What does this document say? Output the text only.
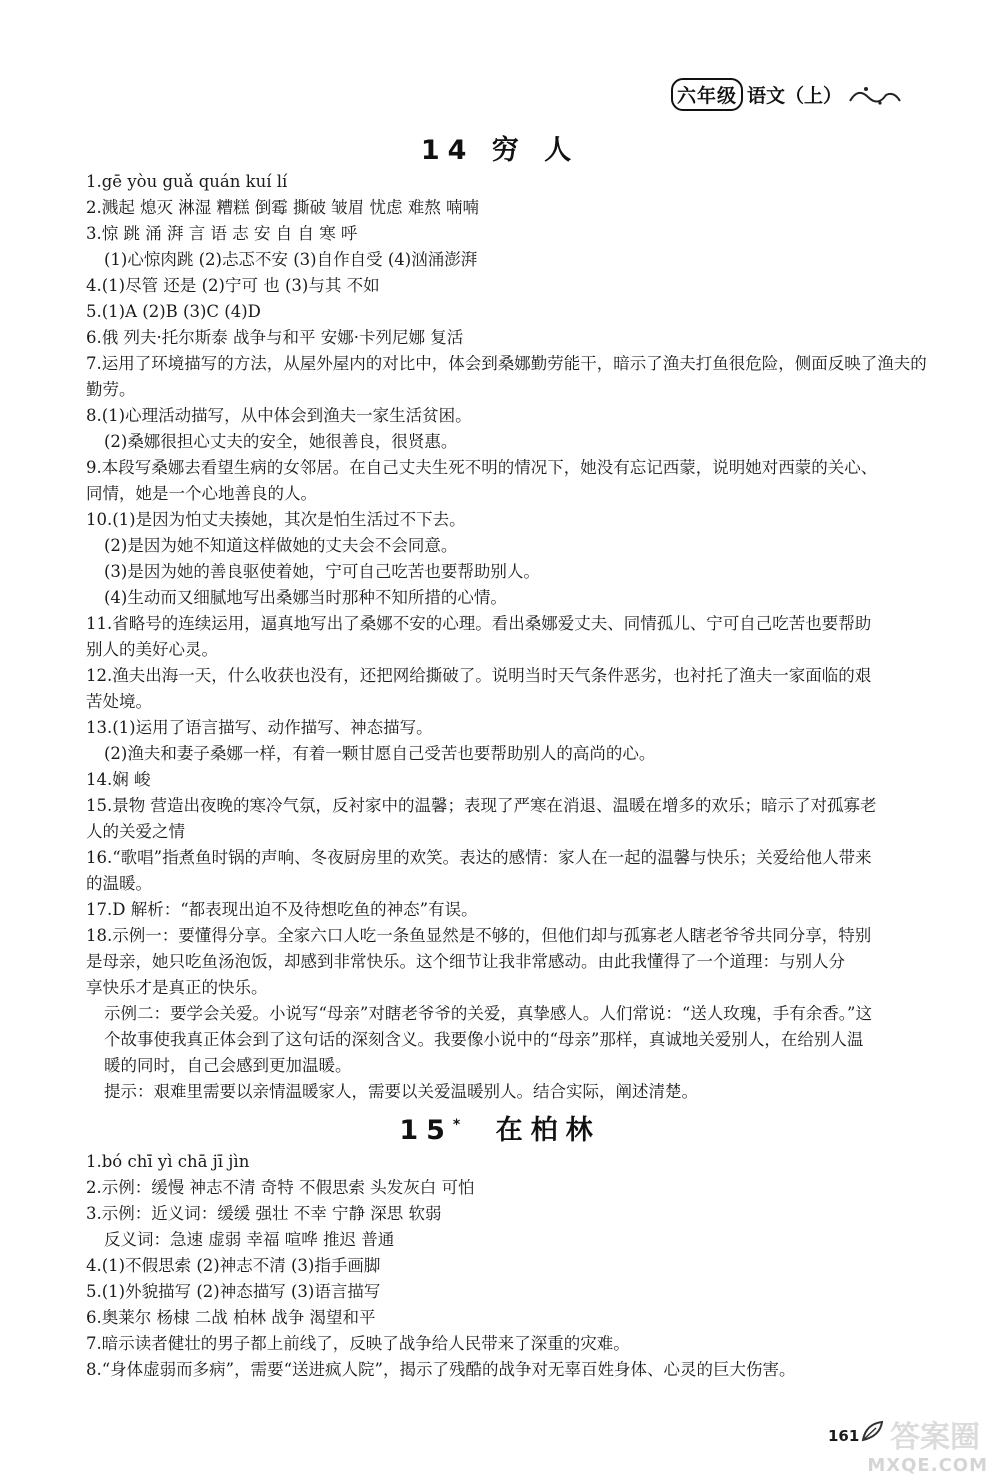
六年级 语文（上）
14 穷 人
1.gē yòu guǎ quán kuí lí
2.溅起 熄灭 淋湿 糟糕 倒霉 撕破 皱眉 忧虑 难熬 喃喃
3.惊 跳 涌 湃 言 语 志 安 自 自 寒 呼
(1)心惊肉跳 (2)忐忑不安 (3)自作自受 (4)汹涌澎湃
4.(1)尽管 还是 (2)宁可 也 (3)与其 不如
5.(1)A (2)B (3)C (4)D
6.俄 列夫·托尔斯泰 战争与和平 安娜·卡列尼娜 复活
7.运用了环境描写的方法，从屋外屋内的对比中，体会到桑娜勤劳能干，暗示了渔夫打鱼很危险，侧面反映了渔夫的
勤劳。
8.(1)心理活动描写，从中体会到渔夫一家生活贫困。
(2)桑娜很担心丈夫的安全，她很善良，很贤惠。
9.本段写桑娜去看望生病的女邻居。在自己丈夫生死不明的情况下，她没有忘记西蒙，说明她对西蒙的关心、
同情，她是一个心地善良的人。
10.(1)是因为怕丈夫揍她，其次是怕生活过不下去。
(2)是因为她不知道这样做她的丈夫会不会同意。
(3)是因为她的善良驱使着她，宁可自己吃苦也要帮助别人。
(4)生动而又细腻地写出桑娜当时那种不知所措的心情。
11.省略号的连续运用，逼真地写出了桑娜不安的心理。看出桑娜爱丈夫、同情孤儿、宁可自己吃苦也要帮助
别人的美好心灵。
12.渔夫出海一天，什么收获也没有，还把网给撕破了。说明当时天气条件恶劣，也衬托了渔夫一家面临的艰
苦处境。
13.(1)运用了语言描写、动作描写、神态描写。
(2)渔夫和妻子桑娜一样，有着一颗甘愿自己受苦也要帮助别人的高尚的心。
14.娴 峻
15.景物 营造出夜晚的寒冷气氛，反衬家中的温馨；表现了严寒在消退、温暖在增多的欢乐；暗示了对孤寡老
人的关爱之情
16.“歌唱”指煮鱼时锅的声响、冬夜厨房里的欢笑。表达的感情：家人在一起的温馨与快乐；关爱给他人带来
的温暖。
17.D 解析：“都表现出迫不及待想吃鱼的神态”有误。
18.示例一：要懂得分享。全家六口人吃一条鱼显然是不够的，但他们却与孤寡老人瞎老爷爷共同分享，特别
是母亲，她只吃鱼汤泡饭，却感到非常快乐。这个细节让我非常感动。由此我懂得了一个道理：与别人分
享快乐才是真正的快乐。
示例二：要学会关爱。小说写“母亲”对瞎老爷爷的关爱，真挚感人。人们常说：“送人玫瑰，手有余香。”这
个故事使我真正体会到了这句话的深刻含义。我要像小说中的“母亲”那样，真诚地关爱别人，在给别人温
暖的同时，自己会感到更加温暖。
提示：艰难里需要以亲情温暖家人，需要以关爱温暖别人。结合实际，阐述清楚。
15* 在柏林
1.bó chī yì chā jī jìn
2.示例：缓慢 神志不清 奇特 不假思索 头发灰白 可怕
3.示例：近义词：缓缓 强壮 不幸 宁静 深思 软弱
反义词：急速 虚弱 幸福 喧哗 推迟 普通
4.(1)不假思索 (2)神志不清 (3)指手画脚
5.(1)外貌描写 (2)神态描写 (3)语言描写
6.奥莱尔 杨棣 二战 柏林 战争 渴望和平
7.暗示读者健壮的男子都上前线了，反映了战争给人民带来了深重的灾难。
8.“身体虚弱而多病”，需要“送进疯人院”，揭示了残酷的战争对无辜百姓身体、心灵的巨大伤害。
161 答案圈
MXQE.COM
